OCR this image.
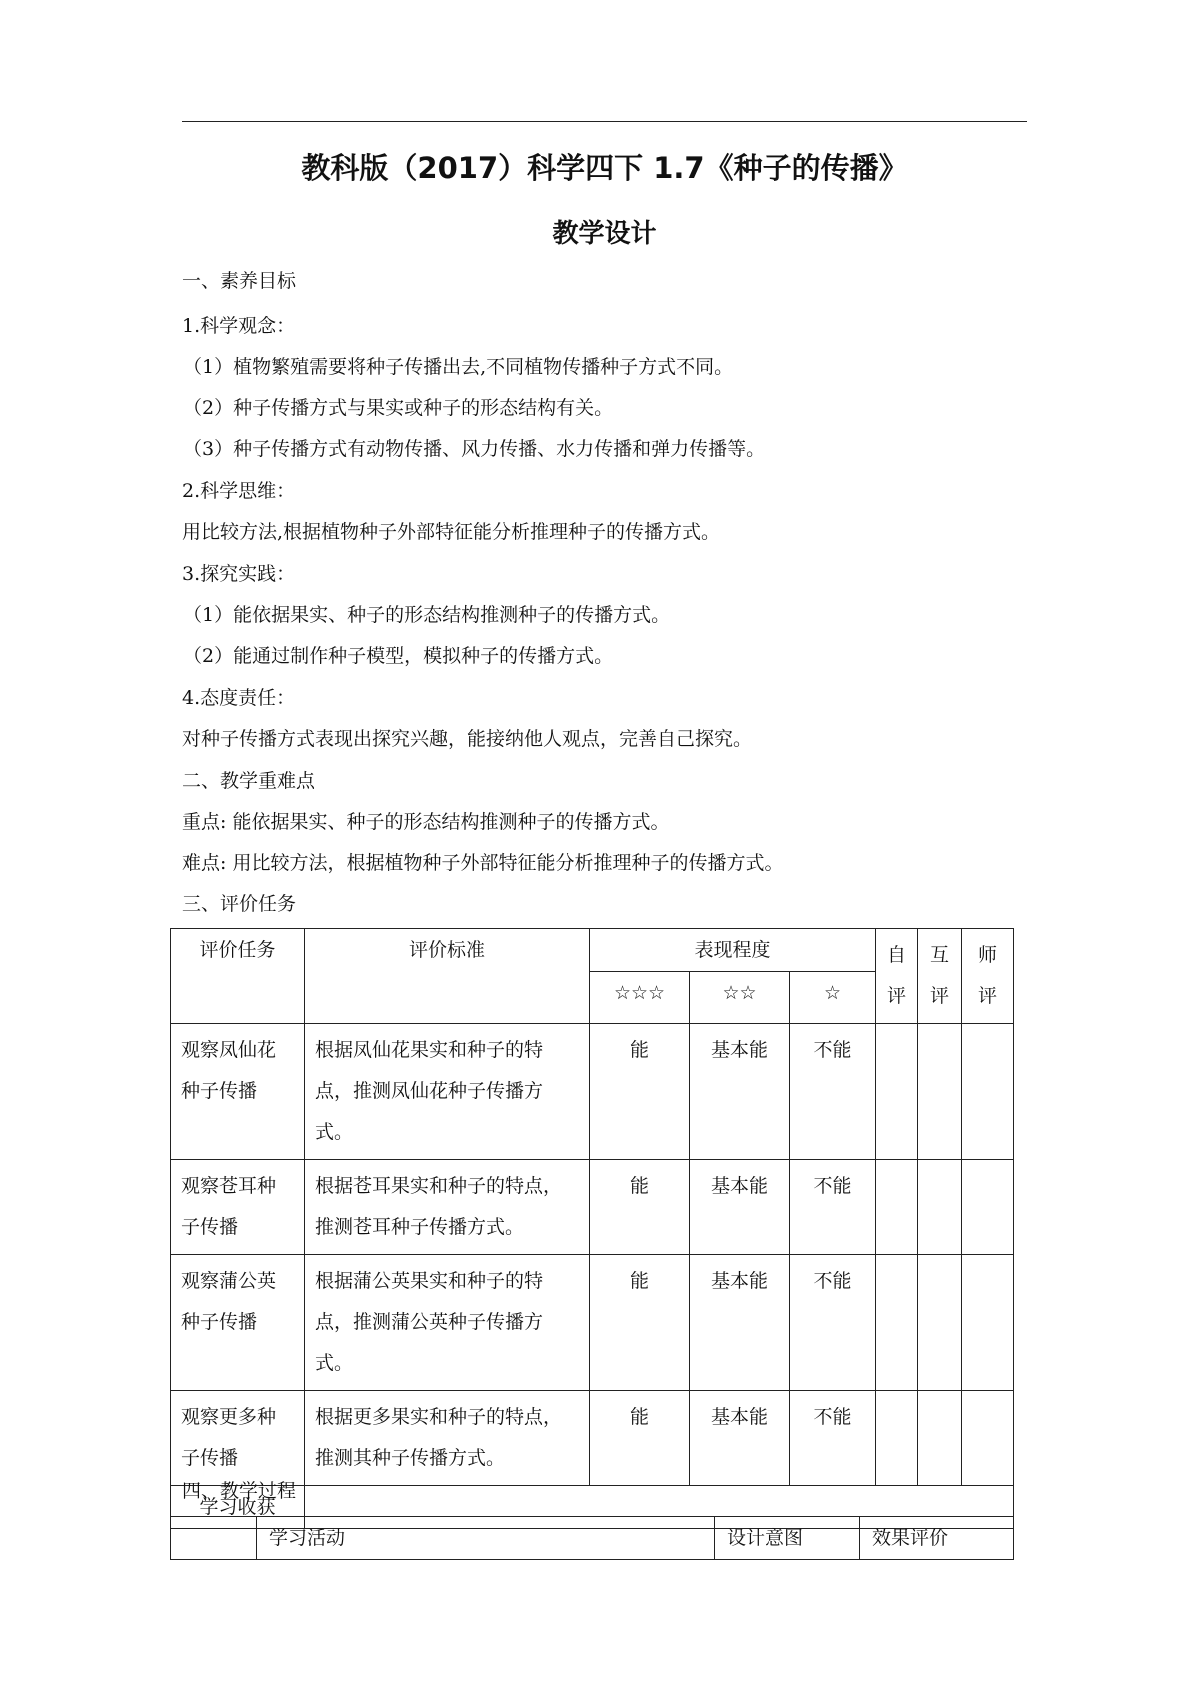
教科版（2017）科学四下 1.7《种子的传播》
教学设计
一、素养目标
1.科学观念：
（1）植物繁殖需要将种子传播出去,不同植物传播种子方式不同。
（2）种子传播方式与果实或种子的形态结构有关。
（3）种子传播方式有动物传播、风力传播、水力传播和弹力传播等。
2.科学思维：
用比较方法,根据植物种子外部特征能分析推理种子的传播方式。
3.探究实践：
（1）能依据果实、种子的形态结构推测种子的传播方式。
（2）能通过制作种子模型，模拟种子的传播方式。
4.态度责任：
对种子传播方式表现出探究兴趣，能接纳他人观点，完善自己探究。
二、教学重难点
重点: 能依据果实、种子的形态结构推测种子的传播方式。
难点: 用比较方法，根据植物种子外部特征能分析推理种子的传播方式。
三、评价任务
评价任务	评价标准	表现程度			自评	互评	师评
		☆☆☆	☆☆	☆			
观察凤仙花种子传播	根据凤仙花果实和种子的特点，推测凤仙花种子传播方式。	能	基本能	不能			
观察苍耳种子传播	根据苍耳果实和种子的特点，推测苍耳种子传播方式。	能	基本能	不能			
观察蒲公英种子传播	根据蒲公英果实和种子的特点，推测蒲公英种子传播方式。	能	基本能	不能			
观察更多种子传播	根据更多果实和种子的特点，推测其种子传播方式。	能	基本能	不能			
学习收获							
四、教学过程
	学习活动	设计意图	效果评价
